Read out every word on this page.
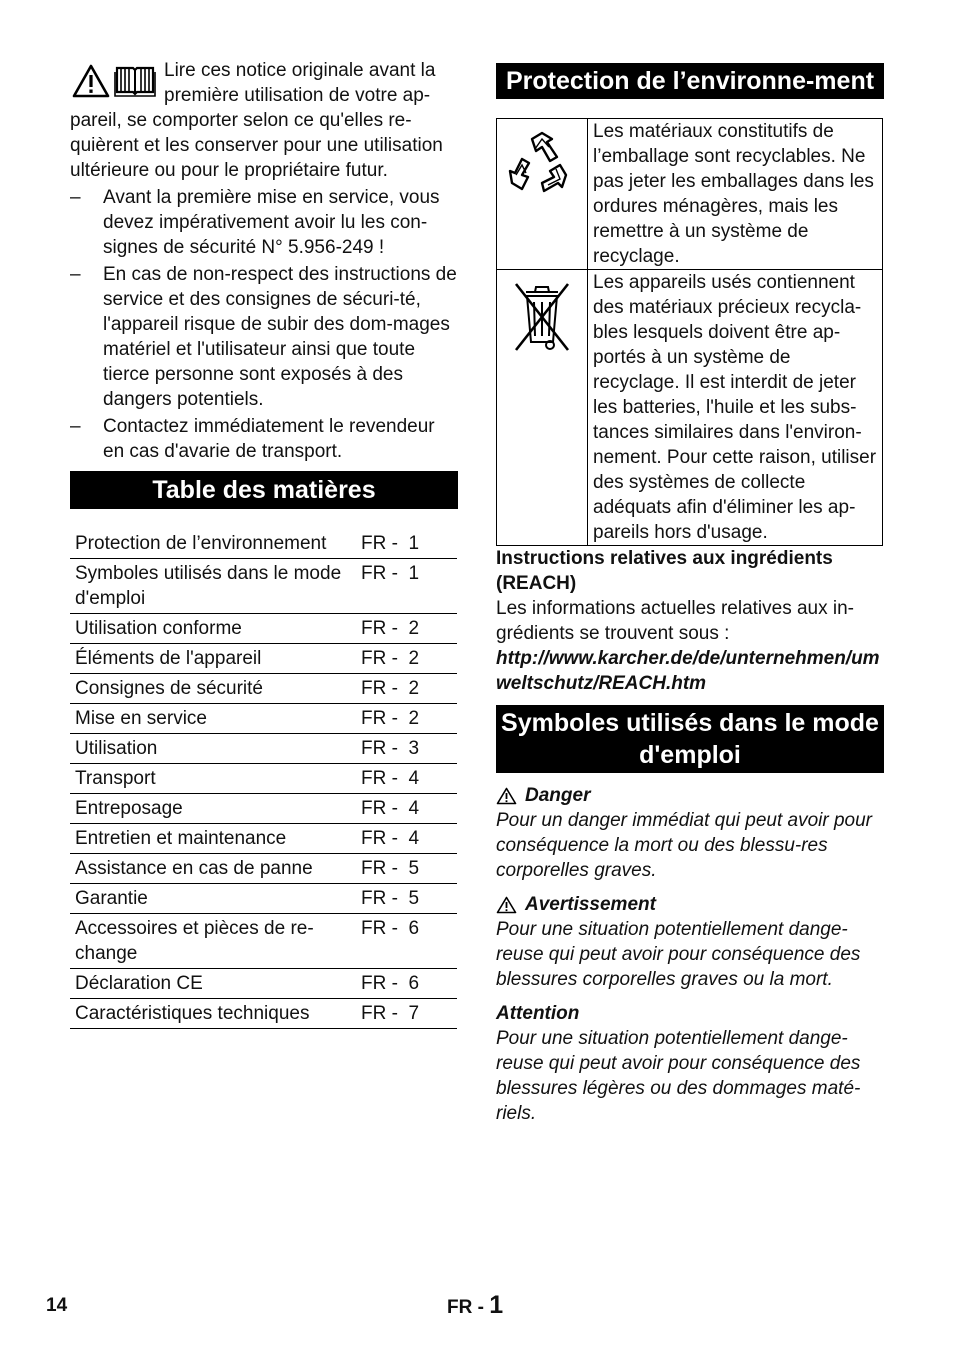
Lire ces notice originale avant la première utilisation de votre ap-pareil, se comporter selon ce qu'elles re-quièrent et les conserver pour une utilisation ultérieure ou pour le propriétaire futur.

– Avant la première mise en service, vous devez impérativement avoir lu les con-signes de sécurité N° 5.956-249 !
– En cas de non-respect des instructions de service et des consignes de sécuri-té, l'appareil risque de subir des dom-mages matériel et l'utilisateur ainsi que toute tierce personne sont exposés à des dangers potentiels.
– Contactez immédiatement le revendeur en cas d'avarie de transport.
Table des matières
Protection de l’environnement	FR -  1
Symboles utilisés dans le mode d'emploi	FR -  1
Utilisation conforme	FR -  2
Éléments de l'appareil	FR -  2
Consignes de sécurité	FR -  2
Mise en service	FR -  2
Utilisation	FR -  3
Transport	FR -  4
Entreposage	FR -  4
Entretien et maintenance	FR -  4
Assistance en cas de panne	FR -  5
Garantie	FR -  5
Accessoires et pièces de re-change	FR -  6
Déclaration CE	FR -  6
Caractéristiques techniques	FR -  7
Protection de l’environne-ment
	Les matériaux constitutifs de l’emballage sont recyclables. Ne pas jeter les emballages dans les ordures ménagères, mais les remettre à un système de recyclage.
	Les appareils usés contiennent des matériaux précieux recycla-bles lesquels doivent être ap-portés à un système de recyclage. Il est interdit de jeter les batteries, l'huile et les subs-tances similaires dans l'environ-nement. Pour cette raison, utiliser des systèmes de collecte adéquats afin d'éliminer les ap-pareils hors d'usage.

Instructions relatives aux ingrédients (REACH)

Les informations actuelles relatives aux in-grédients se trouvent sous :

http://www.karcher.de/de/unternehmen/umweltschutz/REACH.htm

Symboles utilisés dans le mode d'emploi
Danger

Pour un danger immédiat qui peut avoir pour conséquence la mort ou des blessu-res corporelles graves.

Avertissement

Pour une situation potentiellement dange-reuse qui peut avoir pour conséquence des blessures corporelles graves ou la mort.

Attention

Pour une situation potentiellement dange-reuse qui peut avoir pour conséquence des blessures légères ou des dommages maté-riels.

14	FR - 1
